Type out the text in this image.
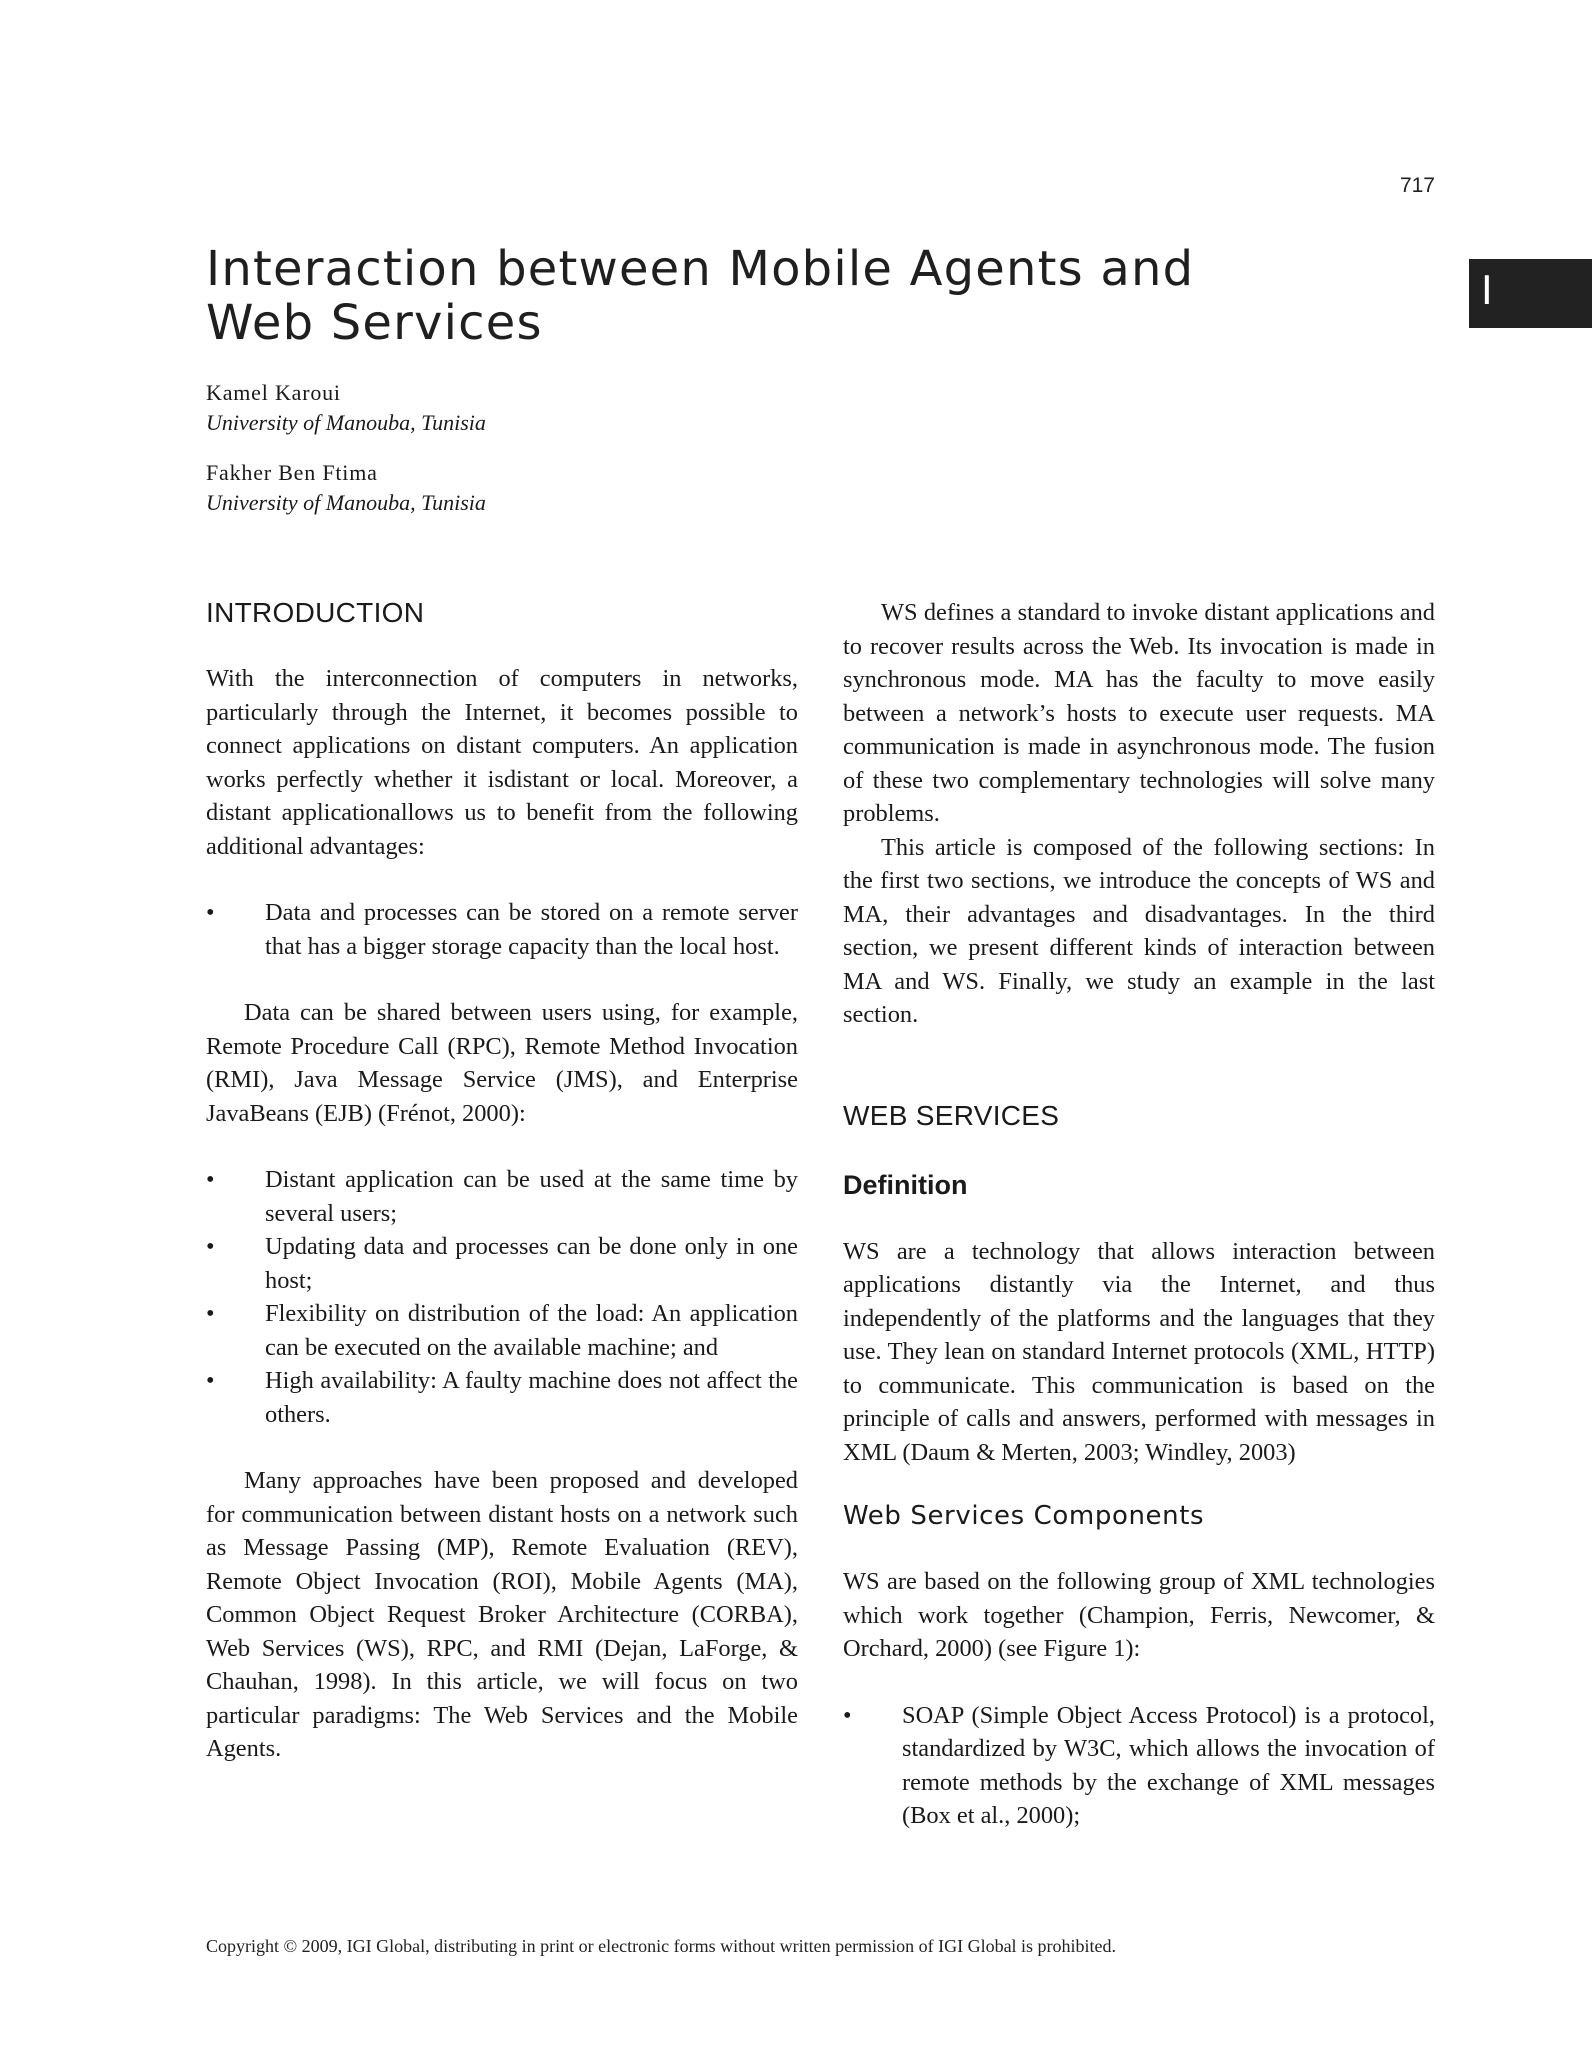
717
I
Interaction between Mobile Agents and Web Services
Kamel Karoui
University of Manouba, Tunisia
Fakher Ben Ftima
University of Manouba, Tunisia
INTRODUCTION

With the interconnection of computers in networks, particularly through the Internet, it becomes possible to connect applications on distant computers. An application works perfectly whether it isdistant or local. Moreover, a distant applicationallows us to benefit from the following additional advantages:

• Data and processes can be stored on a remote server that has a bigger storage capacity than the local host.

Data can be shared between users using, for example, Remote Procedure Call (RPC), Remote Method Invocation (RMI), Java Message Service (JMS), and Enterprise JavaBeans (EJB) (Frénot, 2000):

• Distant application can be used at the same time by several users;
• Updating data and processes can be done only in one host;
• Flexibility on distribution of the load: An application can be executed on the available machine; and
• High availability: A faulty machine does not affect the others.

Many approaches have been proposed and developed for communication between distant hosts on a network such as Message Passing (MP), Remote Evaluation (REV), Remote Object Invocation (ROI), Mobile Agents (MA), Common Object Request Broker Architecture (CORBA), Web Services (WS), RPC, and RMI (Dejan, LaForge, & Chauhan, 1998). In this article, we will focus on two particular paradigms: The Web Services and the Mobile Agents.

WS defines a standard to invoke distant applications and to recover results across the Web. Its invocation is made in synchronous mode. MA has the faculty to move easily between a network’s hosts to execute user requests. MA communication is made in asynchronous mode. The fusion of these two complementary technologies will solve many problems.

This article is composed of the following sections: In the first two sections, we introduce the concepts of WS and MA, their advantages and disadvantages. In the third section, we present different kinds of interaction between MA and WS. Finally, we study an example in the last section.

WEB SERVICES
Definition

WS are a technology that allows interaction between applications distantly via the Internet, and thus independently of the platforms and the languages that they use. They lean on standard Internet protocols (XML, HTTP) to communicate. This communication is based on the principle of calls and answers, performed with messages in XML (Daum & Merten, 2003; Windley, 2003)

Web Services Components

WS are based on the following group of XML technologies which work together (Champion, Ferris, Newcomer, & Orchard, 2000) (see Figure 1):

• SOAP (Simple Object Access Protocol) is a protocol, standardized by W3C, which allows the invocation of remote methods by the exchange of XML messages (Box et al., 2000);
Copyright © 2009, IGI Global, distributing in print or electronic forms without written permission of IGI Global is prohibited.
